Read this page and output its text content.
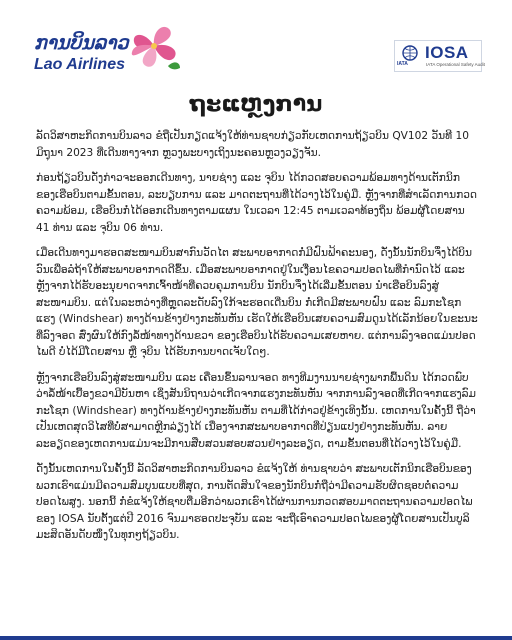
ການບິນລາວ
Lao Airlines	IATA
IOSA
IATA Operational Safety Audit
ຖະແຫຼງການ

ລັດວິສາຫະກິດການບິນລາວ ຂໍຖືເປັນກຽດແຈ້ງໃຫ້ທ່ານຊາບກ່ຽວກັບເຫດການຖ້ຽວບິນ QV102 ວັນທີ 10 ມິຖຸນາ 2023 ທີ່ເດີນທາງຈາກ ຫຼວງພະບາງເຖິງນະຄອນຫຼວງວຽງຈັນ.

ກ່ອນຖ້ຽວບິນດັ່ງກ່າວຈະອອກເດີນທາງ, ນາຍຊ່າງ ແລະ ຈຸບິນ ໄດ້ກວດສອບຄວາມພ້ອມທາງດ້ານເຕັກນິກຂອງເຮືອບິນຕາມຂັ້ນຕອນ, ລະບຽບການ ແລະ ມາດຕະຖານທີ່ໄດ້ວາງໄວ້ໃນຄູ່ມື. ຫຼັງຈາກທີ່ສຳເລັດການກວດຄວາມພ້ອມ, ເຮືອບິນກໍ່ໄດ້ອອກເດີນທາງຕາມແຜນ ໃນເວລາ 12:45 ຕາມເວລາທ້ອງຖິ່ນ ພ້ອມຜູ້ໂດຍສານ 41 ທ່ານ ແລະ ຈຸບິນ 06 ທ່ານ.

ເມື່ອເດີນທາງມາຮອດສະໜາມບິນສາກົນວັດໄຕ ສະພາບອາກາດກໍ່ມີຝົນຟ້າຄະນອງ, ດັ່ງນັ້ນນັກບິນຈຶ່ງໄດ້ບິນວົນເພື່ອລໍຖ້າໃຫ້ສະພາບອາກາດດີຂຶ້ນ. ເມື່ອສະພາບອາກາດຢູ່ໃນເງື່ອນໄຂຄວາມປອດໄພທີ່ກຳນົດໄວ້ ແລະ ຫຼັງຈາກໄດ້ຮັບອະນຸຍາດຈາກເຈົ້າໜ້າທີ່ຄວບຄຸມການບິນ ນັກບິນຈຶ່ງໄດ້ເລີ່ມຂັ້ນຕອນ ນຳເຮືອບິນລົງສູ່ສະໜາມບິນ. ແຕ່ໃນລະຫວ່າງທີ່ຫຼຸດລະດັບລົງໃກ້ຈະຮອດເດີ່ນບິນ ກໍ່ເກີດມີສະພາບຝົນ ແລະ ລົມກະໂຊກແຮງ (Windshear) ທາງດ້ານຂ້າງຢ່າງກະທັນຫັນ ເຮັດໃຫ້ເຮືອບິນເສຍຄວາມສົມດູນໄດ້ເລັກນ້ອຍໃນຂະນະທີ່ລົງຈອດ ສົ່ງຜົນໃຫ້ກົງລໍ້ໜ້າທາງດ້ານຂວາ ຂອງເຮືອບິນໄດ້ຮັບຄວາມເສຍຫາຍ. ແຕ່ການລົງຈອດແມ່ນປອດໄພດີ ບໍ່ໄດ້ມີໂດຍສານ ຫຼື ຈຸບິນ ໄດ້ຮັບການບາດເຈັບໃດໆ.

ຫຼັງຈາກເຮືອບິນລົງສູ່ສະໜາມບິນ ແລະ ເຄື່ອນຂຶ້ນລານຈອດ ທາງທີມງານນາຍຊ່າງພາກພື້ນດິນ ໄດ້ກວດພົບວ່າລໍ້ໜ້າເບື້ອງຂວາມີບັນຫາ ເຊິ່ງສັນນິຖານວ່າເກີດຈາກແຮງກະທັນຫັນ ຈາກການລົງຈອດທີ່ເກີດຈາກແຮງລົມກະໂຊກ (Windshear) ທາງດ້ານຂ້າງຢ່າງກະທັນຫັນ ຕາມທີ່ໄດ້ກ່າວຢູ່ຂ້າງເທິງນັ້ນ. ເຫດການໃນຄັ້ງນີ້ ຖືວ່າເປັນເຫດສຸດວິໄສທີ່ບໍ່ສາມາດຫຼີກລ່ຽງໄດ້ ເນື່ອງຈາກສະພາບອາກາດທີ່ປ່ຽນແປງຢ່າງກະທັນຫັນ. ລາຍລະອຽດຂອງເຫດການແມ່ນຈະມີການສືບສວນສອບສວນຢ່າງລະອຽດ, ຕາມຂັ້ນຕອນທີ່ໄດ້ວາງໄວ້ໃນຄູ່ມື.

ດັ່ງນັ້ນເຫດການໃນຄັ້ງນີ້ ລັດວິສາຫະກິດການບິນລາວ ຂໍແຈ້ງໃຫ້ ທ່ານຊາບວ່າ ສະພາບເຕັກນິກເຮືອບິນຂອງພວກເຮົາແມ່ນມີຄວາມສົມບູນແບບທີ່ສຸດ, ການຕັດສິນໃຈຂອງນັກບິນກໍ່ຖືວ່າມີຄວາມຮັບຜິດຊອບຕໍ່ຄວາມປອດໄພສູງ. ນອກນີ້ ກໍ່ຂໍແຈ້ງໃຫ້ຊາບຕື່ມອີກວ່າພວກເຮົາໄດ້ຜ່ານການກວດສອບມາດຕະຖານຄວາມປອດໄພຂອງ IOSA ນັບຕັ້ງແຕ່ປີ 2016 ຈົນມາຮອດປະຈຸບັນ ແລະ ຈະຖືເອົາຄວາມປອດໄພຂອງຜູ້ໂດຍສານເປັນບູລິມະສິດອັນດັບໜຶ່ງໃນທຸກໆຖ້ຽວບິນ.
